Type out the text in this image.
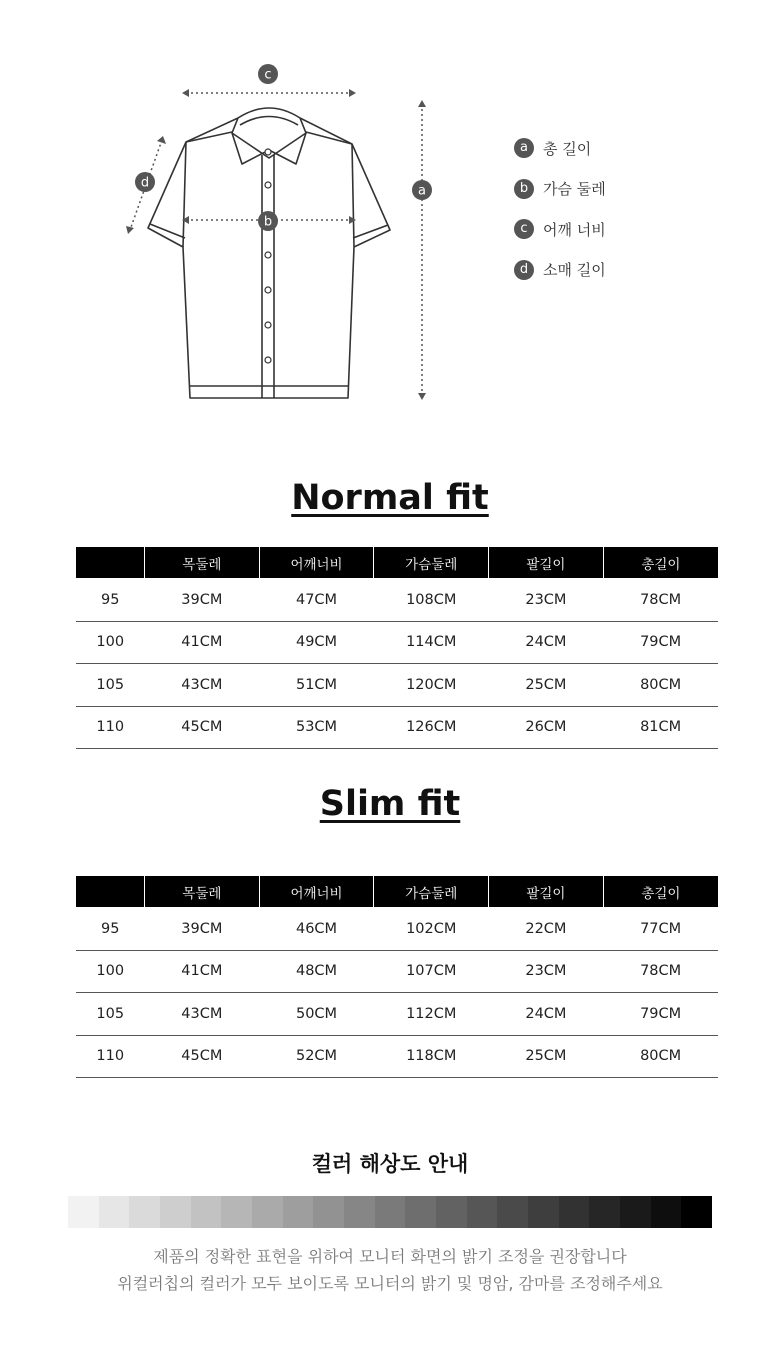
c
b
a
d
a	총 길이
b 가슴 둘레
c	어깨 너비
d 소매 길이
Normal fit
	목둘레	어깨너비	가슴둘레	팔길이	총길이
95	39CM	47CM	108CM	23CM	78CM
100	41CM	49CM	114CM	24CM	79CM
105	43CM	51CM	120CM	25CM	80CM
110	45CM	53CM	126CM	26CM	81CM
Slim fit
	목둘레	어깨너비	가슴둘레	팔길이	총길이
95	39CM	46CM	102CM	22CM	77CM
100	41CM	48CM	107CM	23CM	78CM
105	43CM	50CM	112CM	24CM	79CM
110	45CM	52CM	118CM	25CM	80CM
컬러 해상도 안내
제품의 정확한 표현을 위하여 모니터 화면의 밝기 조정을 권장합니다
위컬러칩의 컬러가 모두 보이도록 모니터의 밝기 및 명암, 감마를 조정해주세요
